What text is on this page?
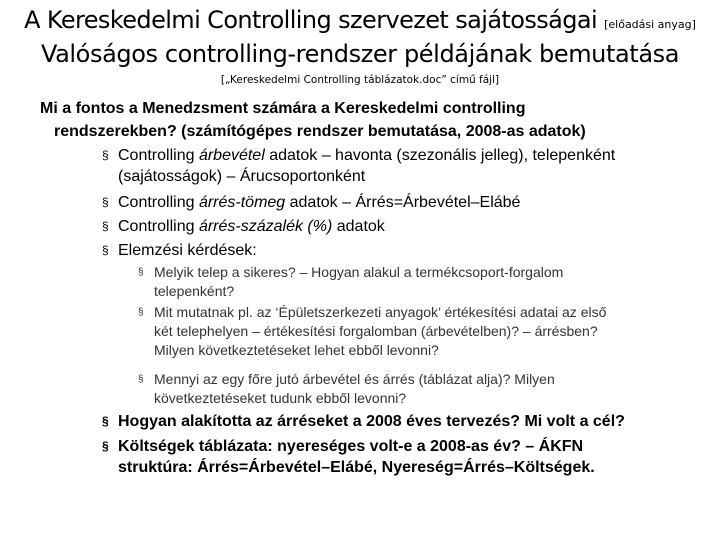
A Kereskedelmi Controlling szervezet sajátosságai [előadási anyag]
Valóságos controlling-rendszer példájának bemutatása
[„Kereskedelmi Controlling táblázatok.doc” című fájl]
Mi a fontos a Menedzsment számára a Kereskedelmi controlling
rendszerekben? (számítógépes rendszer bemutatása, 2008-as adatok)
§ Controlling árbevétel adatok – havonta (szezonális jelleg), telepenként
(sajátosságok) – Árucsoportonként
§ Controlling árrés-tömeg adatok – Árrés=Árbevétel–Elábé
§ Controlling árrés-százalék (%) adatok
§ Elemzési kérdések:
§ Melyik telep a sikeres? – Hogyan alakul a termékcsoport-forgalom
telepenként?
§ Mit mutatnak pl. az ‘Épületszerkezeti anyagok’ értékesítési adatai az első
két telephelyen – értékesítési forgalomban (árbevételben)? – árrésben?
Milyen következtetéseket lehet ebből levonni?
§ Mennyi az egy főre jutó árbevétel és árrés (táblázat alja)? Milyen
következtetéseket tudunk ebből levonni?
§ Hogyan alakította az árréseket a 2008 éves tervezés? Mi volt a cél?
§ Költségek táblázata: nyereséges volt-e a 2008-as év? – ÁKFN
struktúra: Árrés=Árbevétel–Elábé, Nyereség=Árrés–Költségek.
